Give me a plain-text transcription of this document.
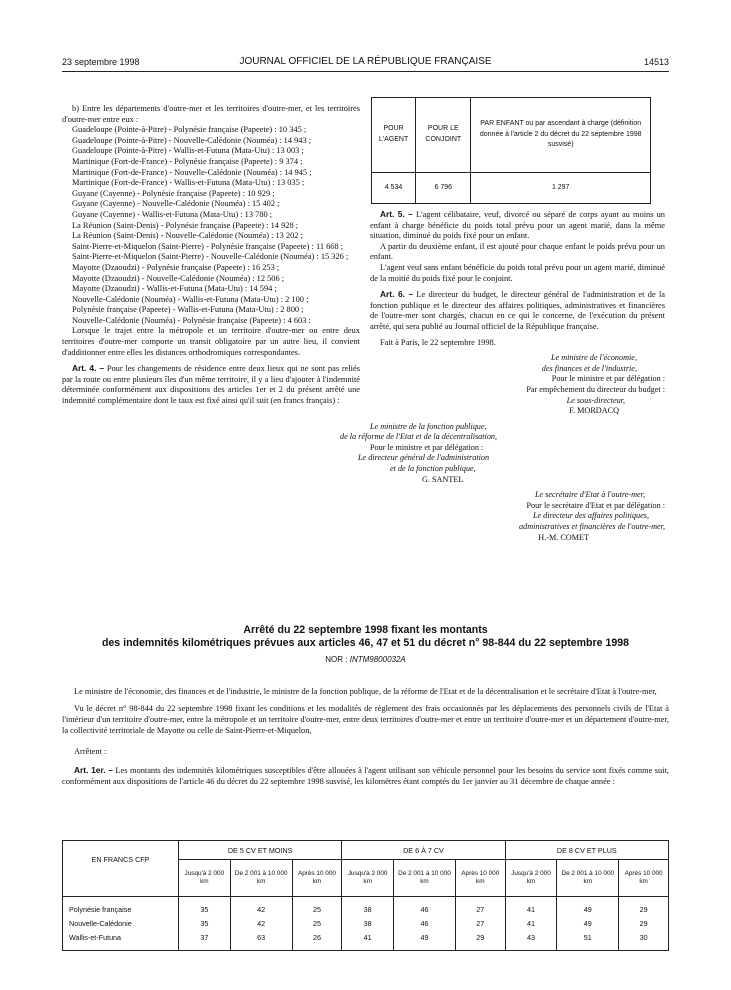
23 septembre 1998	JOURNAL OFFICIEL DE LA RÉPUBLIQUE FRANÇAISE	14513

b) Entre les départements d'outre-mer et les territoires d'outre-mer, et les territoires d'outre-mer entre eux :

Guadeloupe (Pointe-à-Pitre) - Polynésie française (Papeete) : 10 345 ;

Guadeloupe (Pointe-à-Pitre) - Nouvelle-Calédonie (Nouméa) : 14 943 ;

Guadeloupe (Pointe-à-Pitre) - Wallis-et-Futuna (Mata-Utu) : 13 003 ;

Martinique (Fort-de-France) - Polynésie française (Papeete) : 9 374 ;

Martinique (Fort-de-France) - Nouvelle-Calédonie (Nouméa) : 14 945 ;

Martinique (Fort-de-France) - Wallis-et-Futuna (Mata-Utu) : 13 035 ;

Guyane (Cayenne) - Polynésie française (Papeete) : 10 929 ;

Guyane (Cayenne) - Nouvelle-Calédonie (Nouméa) : 15 402 ;

Guyane (Cayenne) - Wallis-et-Futuna (Mata-Utu) : 13 780 ;

La Réunion (Saint-Denis) - Polynésie française (Papeete) : 14 928 ;

La Réunion (Saint-Denis) - Nouvelle-Calédonie (Nouméa) : 13 202 ;

Saint-Pierre-et-Miquelon (Saint-Pierre) - Polynésie française (Papeete) : 11 668 ;

Saint-Pierre-et-Miquelon (Saint-Pierre) - Nouvelle-Calédonie (Nouméa) : 15 326 ;

Mayotte (Dzaoudzi) - Polynésie française (Papeete) : 16 253 ;

Mayotte (Dzaoudzi) - Nouvelle-Calédonie (Nouméa) : 12 506 ;

Mayotte (Dzaoudzi) - Wallis-et-Futuna (Mata-Utu) : 14 594 ;

Nouvelle-Calédonie (Nouméa) - Wallis-et-Futuna (Mata-Utu) : 2 100 ;

Polynésie française (Papeete) - Wallis-et-Futuna (Mata-Utu) : 2 800 ;

Nouvelle-Calédonie (Nouméa) - Polynésie française (Papeete) : 4 603 :

Lorsque le trajet entre la métropole et un territoire d'outre-mer ou entre deux territoires d'outre-mer comporte un transit obligatoire par un autre lieu, il convient d'additionner entre elles les distances orthodromiques correspondantes.

Art. 4. – Pour les changements de résidence entre deux lieux qui ne sont pas reliés par la route ou entre plusieurs îles d'un même territoire, il y a lieu d'ajouter à l'indemnité déterminée conformément aux dispositions des articles 1er et 2 du présent arrêté une indemnité complémentaire dont le taux est fixé ainsi qu'il suit (en francs français) :

POUR L'AGENT	POUR LE CONJOINT	PAR ENFANT ou par ascendant à charge (définition donnée à l'article 2 du décret du 22 septembre 1998 susvisé)
4 534	6 796	1 297

Art. 5. – L'agent célibataire, veuf, divorcé ou séparé de corps ayant au moins un enfant à charge bénéficie du poids total prévu pour un agent marié, dans la même situation, diminué du poids fixé pour un enfant.

A partir du deuxième enfant, il est ajouté pour chaque enfant le poids prévu pour un enfant.

L'agent veuf sans enfant bénéficie du poids total prévu pour un agent marié, diminué de la moitié du poids fixé pour le conjoint.

Art. 6. – Le directeur du budget, le directeur général de l'administration et de la fonction publique et le directeur des affaires politiques, administratives et financières de l'outre-mer sont chargés, chacun en ce qui le concerne, de l'exécution du présent arrêté, qui sera publié au Journal officiel de la République française.

Fait à Paris, le 22 septembre 1998.

Le ministre de l'économie,
des finances et de l'industrie,
Pour le ministre et par délégation :
Par empêchement du directeur du budget :
Le sous-directeur,
F. MORDACQ
Le ministre de la fonction publique,
de la réforme de l'Etat et de la décentralisation,
Pour le ministre et par délégation :
Le directeur général de l'administration
et de la fonction publique,
G. SANTEL
Le secrétaire d'Etat à l'outre-mer,
Pour le secrétaire d'Etat et par délégation :
Le directeur des affaires politiques,
administratives et financières de l'outre-mer,
H.-M. COMET
Arrêté du 22 septembre 1998 fixant les montants
des indemnités kilométriques prévues aux articles 46, 47 et 51 du décret n° 98-844 du 22 septembre 1998
NOR : INTM9800032A

Le ministre de l'économie, des finances et de l'industrie, le ministre de la fonction publique, de la réforme de l'Etat et de la décentralisation et le secrétaire d'Etat à l'outre-mer,

Vu le décret n° 98-844 du 22 septembre 1998 fixant les conditions et les modalités de règlement des frais occasionnés par les déplacements des personnels civils de l'Etat à l'intérieur d'un territoire d'outre-mer, entre la métropole et un territoire d'outre-mer, entre deux territoires d'outre-mer et entre un territoire d'outre-mer et un département d'outre-mer, la collectivité territoriale de Mayotte ou celle de Saint-Pierre-et-Miquelon,

Arrêtent :

Art. 1er. – Les montants des indemnités kilométriques susceptibles d'être allouées à l'agent utilisant son véhicule personnel pour les besoins du service sont fixés comme suit, conformément aux dispositions de l'article 46 du décret du 22 septembre 1998 susvisé, les kilomètres étant comptés du 1er janvier au 31 décembre de chaque année :

EN FRANCS CFP	DE 5 CV ET MOINS			DE 6 À 7 CV			DE 8 CV ET PLUS		
	Jusqu'à 2 000 km	De 2 001 à 10 000 km	Après 10 000 km	Jusqu'à 2 000 km	De 2 001 à 10 000 km	Après 10 000 km	Jusqu'à 2 000 km	De 2 001 à 10 000 km	Après 10 000 km
Polynésie française	35	42	25	38	46	27	41	49	29
Nouvelle-Calédonie	35	42	25	38	46	27	41	49	29
Wallis-et-Futuna	37	63	26	41	49	29	43	51	30
